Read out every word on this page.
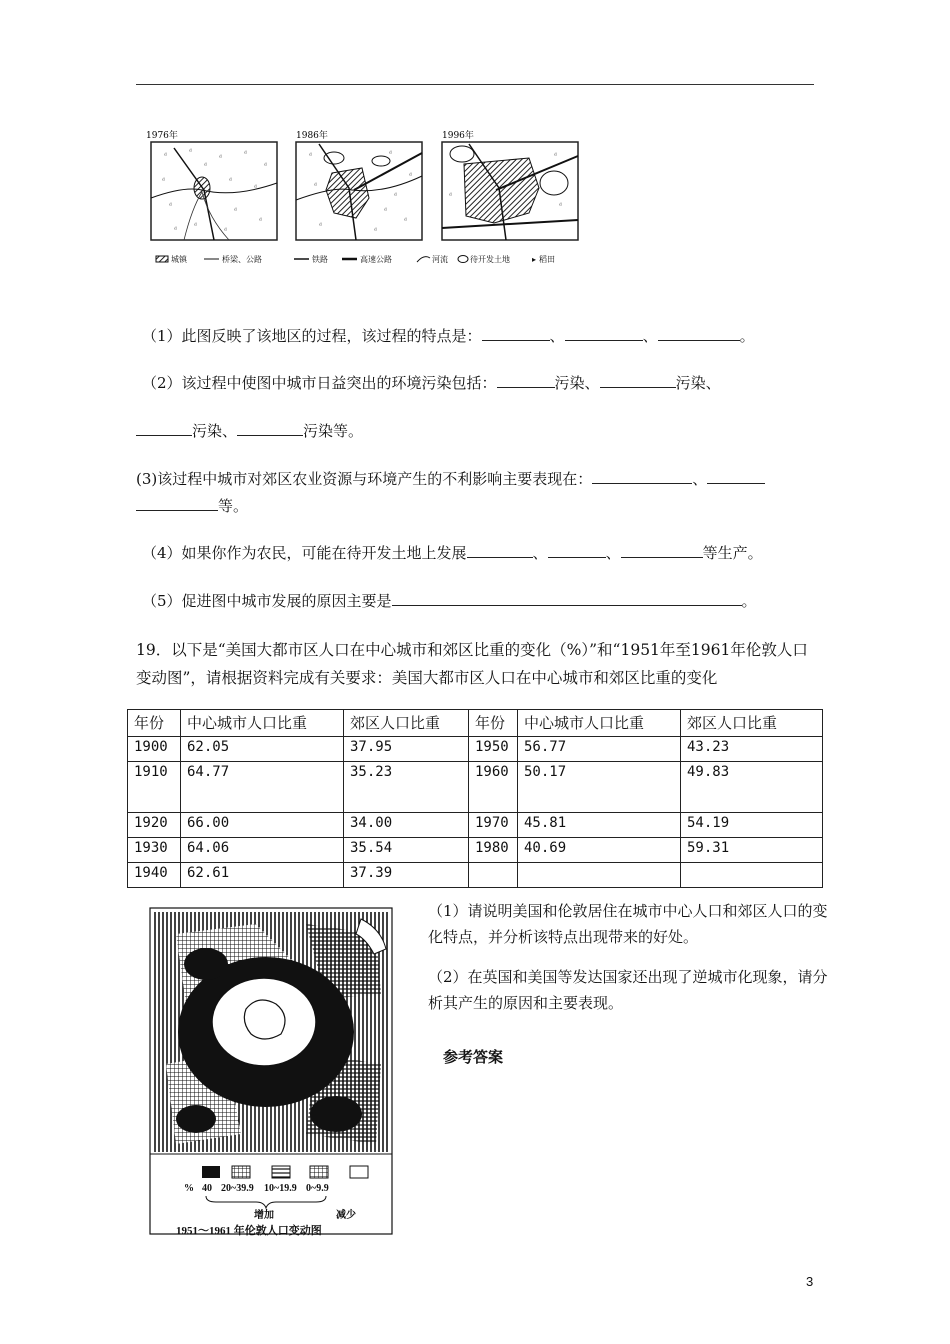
1976年
ᵈ	ᵈ
ᵈ	ᵈ
ᵈ
ᵈ	ᵈ
ᵈ
ᵈ
ᵈ
ᵈ
ᵈ
ᵈ
ᵈ
ᵈ
1986年
ᵈ	ᵈ
ᵈ
ᵈ
ᵈ
ᵈ
ᵈ
ᵈ
ᵈ
1996年
ᵈ
ᵈ
ᵈ
城镇	桥梁、公路	铁路	高速公路	河流	待开发土地	▸ 稻田
（1）此图反映了该地区的过程，该过程的特点是：	、	、	。
（2）该过程中使图中城市日益突出的环境污染包括：	污染、	污染、
污染、	污染等。
(3)该过程中城市对郊区农业资源与环境产生的不利影响主要表现在：	、
等。
（4）如果你作为农民，可能在待开发土地上发展	、	、	等生产。
（5）促进图中城市发展的原因主要是	。
19．以下是“美国大都市区人口在中心城市和郊区比重的变化（%）”和“1951年至1961年伦敦人口变动图”，请根据资料完成有关要求：美国大都市区人口在中心城市和郊区比重的变化
年份	中心城市人口比重	郊区人口比重	年份	中心城市人口比重	郊区人口比重
1900	62.05	37.95	1950	56.77	43.23
1910	64.77	35.23	1960	50.17	49.83
1920	66.00	34.00	1970	45.81	54.19
1930	64.06	35.54	1980	40.69	59.31
1940	62.61	37.39			
% 40 20~39.9 10~19.9 0~9.9
增加	减少
1951～1961 年伦敦人口变动图
（1）请说明美国和伦敦居住在城市中心人口和郊区人口的变化特点，并分析该特点出现带来的好处。
（2）在英国和美国等发达国家还出现了逆城市化现象，请分析其产生的原因和主要表现。
参考答案
3
